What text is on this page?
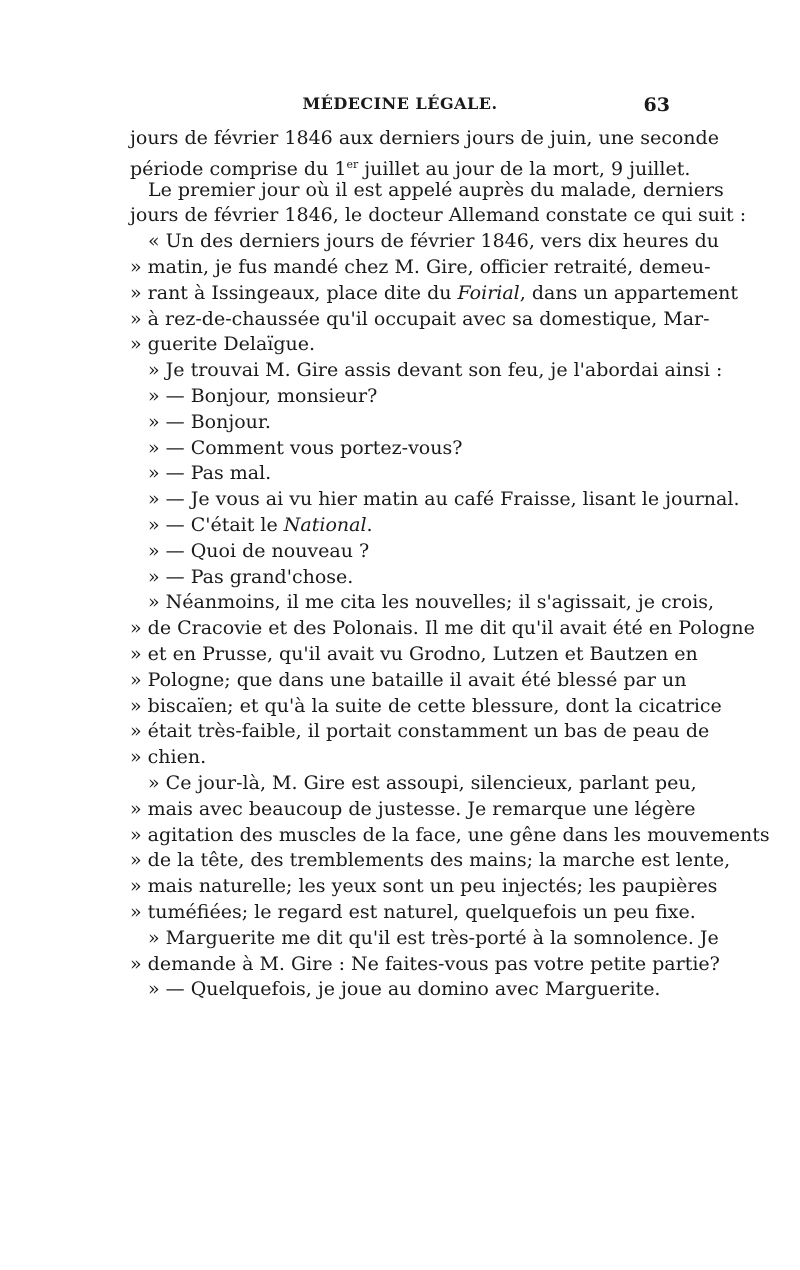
MÉDECINE LÉGALE.	63
jours de février 1846 aux derniers jours de juin, une seconde
période comprise du 1er juillet au jour de la mort, 9 juillet.
Le premier jour où il est appelé auprès du malade, derniers
jours de février 1846, le docteur Allemand constate ce qui suit :
« Un des derniers jours de février 1846, vers dix heures du
» matin, je fus mandé chez M. Gire, officier retraité, demeu-
» rant à Issingeaux, place dite du Foirial, dans un appartement
» à rez-de-chaussée qu'il occupait avec sa domestique, Mar-
» guerite Delaïgue.
» Je trouvai M. Gire assis devant son feu, je l'abordai ainsi :
» — Bonjour, monsieur?
» — Bonjour.
» — Comment vous portez-vous?
» — Pas mal.
» — Je vous ai vu hier matin au café Fraisse, lisant le journal.
» — C'était le National.
» — Quoi de nouveau ?
» — Pas grand'chose.
» Néanmoins, il me cita les nouvelles; il s'agissait, je crois,
» de Cracovie et des Polonais. Il me dit qu'il avait été en Pologne
» et en Prusse, qu'il avait vu Grodno, Lutzen et Bautzen en
» Pologne; que dans une bataille il avait été blessé par un
» biscaïen; et qu'à la suite de cette blessure, dont la cicatrice
» était très-faible, il portait constamment un bas de peau de
» chien.
» Ce jour-là, M. Gire est assoupi, silencieux, parlant peu,
» mais avec beaucoup de justesse. Je remarque une légère
» agitation des muscles de la face, une gêne dans les mouvements
» de la tête, des tremblements des mains; la marche est lente,
» mais naturelle; les yeux sont un peu injectés; les paupières
» tuméfiées; le regard est naturel, quelquefois un peu fixe.
» Marguerite me dit qu'il est très-porté à la somnolence. Je
» demande à M. Gire : Ne faites-vous pas votre petite partie?
» — Quelquefois, je joue au domino avec Marguerite.
